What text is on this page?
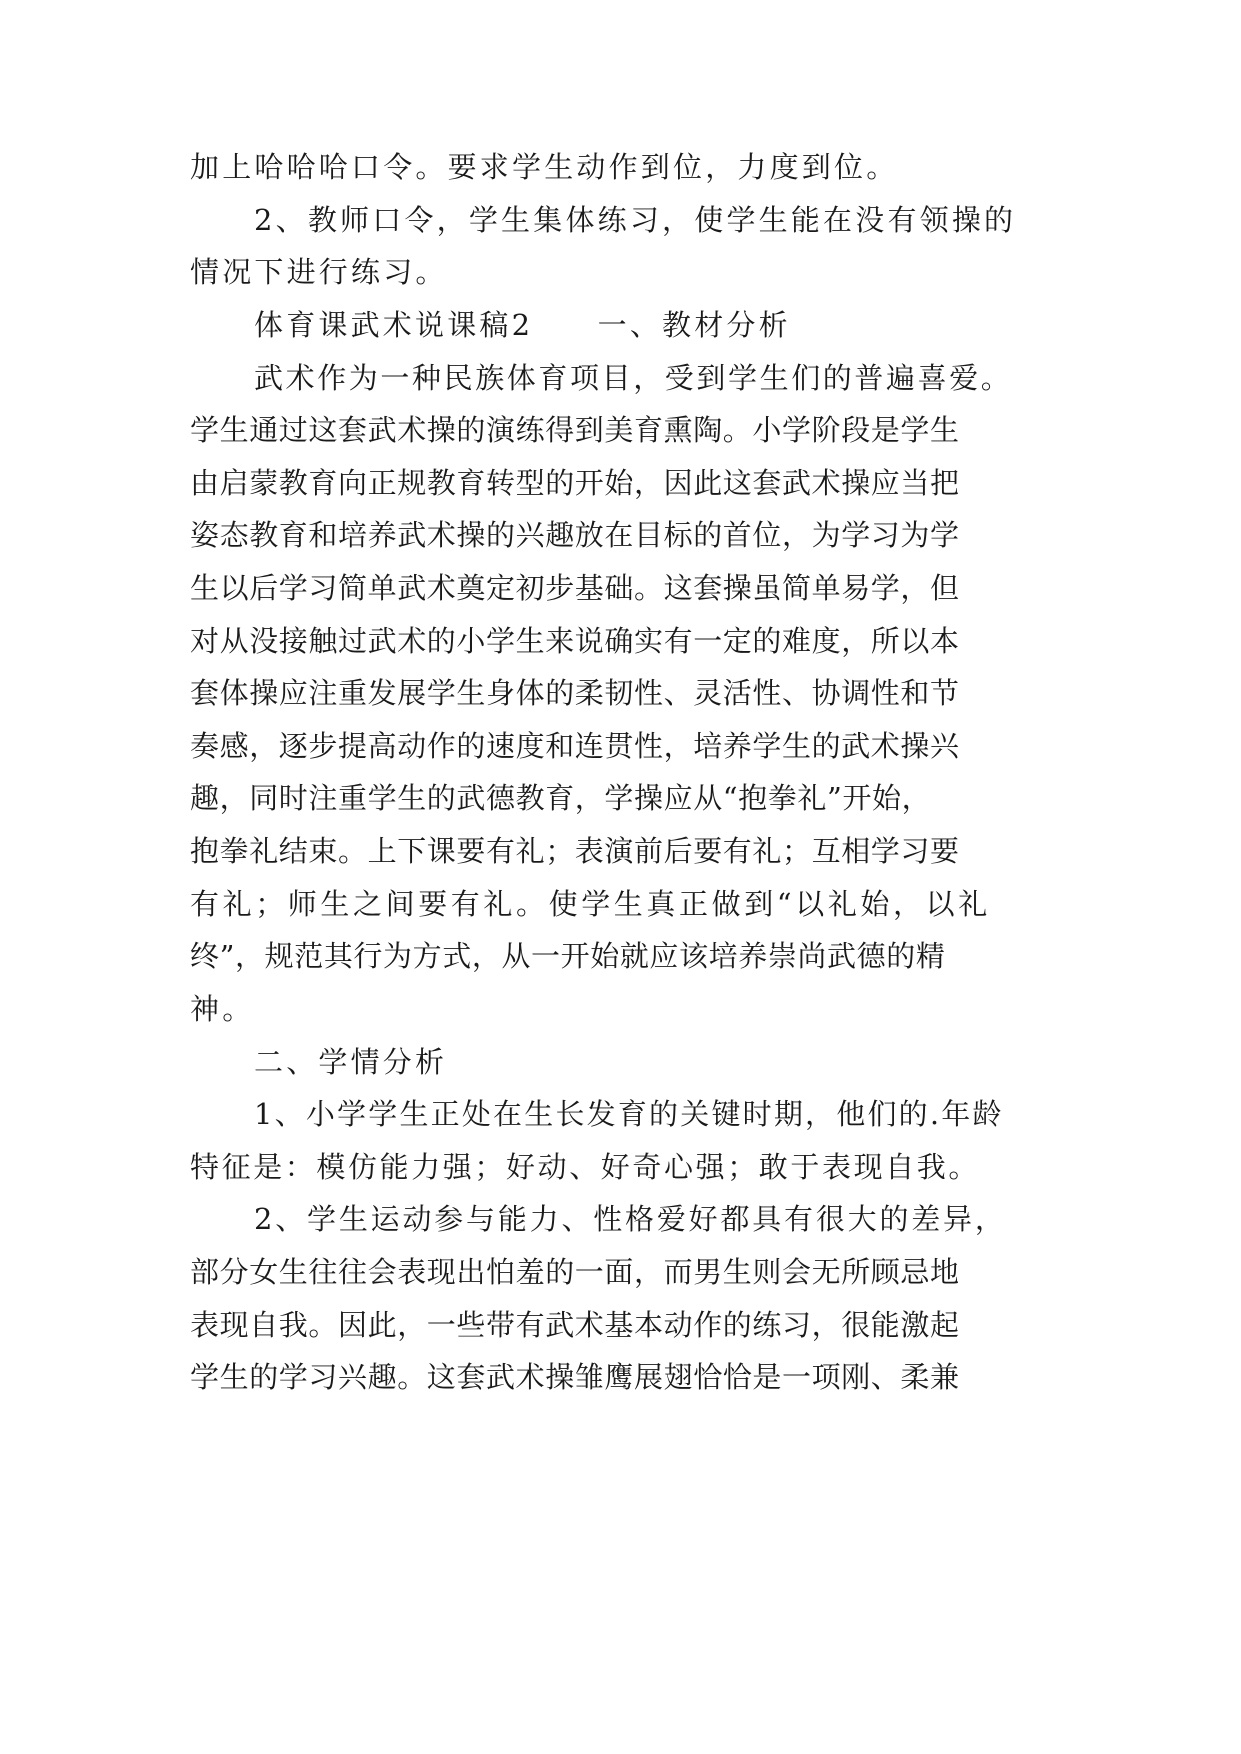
加上哈哈哈口令。要求学生动作到位，力度到位。
2、教师口令，学生集体练习，使学生能在没有领操的
情况下进行练习。
体育课武术说课稿2　　一、教材分析
武术作为一种民族体育项目，受到学生们的普遍喜爱。
学生通过这套武术操的演练得到美育熏陶。小学阶段是学生
由启蒙教育向正规教育转型的开始，因此这套武术操应当把
姿态教育和培养武术操的兴趣放在目标的首位，为学习为学
生以后学习简单武术奠定初步基础。这套操虽简单易学，但
对从没接触过武术的小学生来说确实有一定的难度，所以本
套体操应注重发展学生身体的柔韧性、灵活性、协调性和节
奏感，逐步提高动作的速度和连贯性，培养学生的武术操兴
趣，同时注重学生的武德教育，学操应从“抱拳礼”开始，
抱拳礼结束。上下课要有礼；表演前后要有礼；互相学习要
有礼；师生之间要有礼。使学生真正做到“以礼始，以礼
终”，规范其行为方式，从一开始就应该培养崇尚武德的精
神。
二、学情分析
1、小学学生正处在生长发育的关键时期，他们的.年龄
特征是：模仿能力强；好动、好奇心强；敢于表现自我。
2、学生运动参与能力、性格爱好都具有很大的差异，
部分女生往往会表现出怕羞的一面，而男生则会无所顾忌地
表现自我。因此，一些带有武术基本动作的练习，很能激起
学生的学习兴趣。这套武术操雏鹰展翅恰恰是一项刚、柔兼
